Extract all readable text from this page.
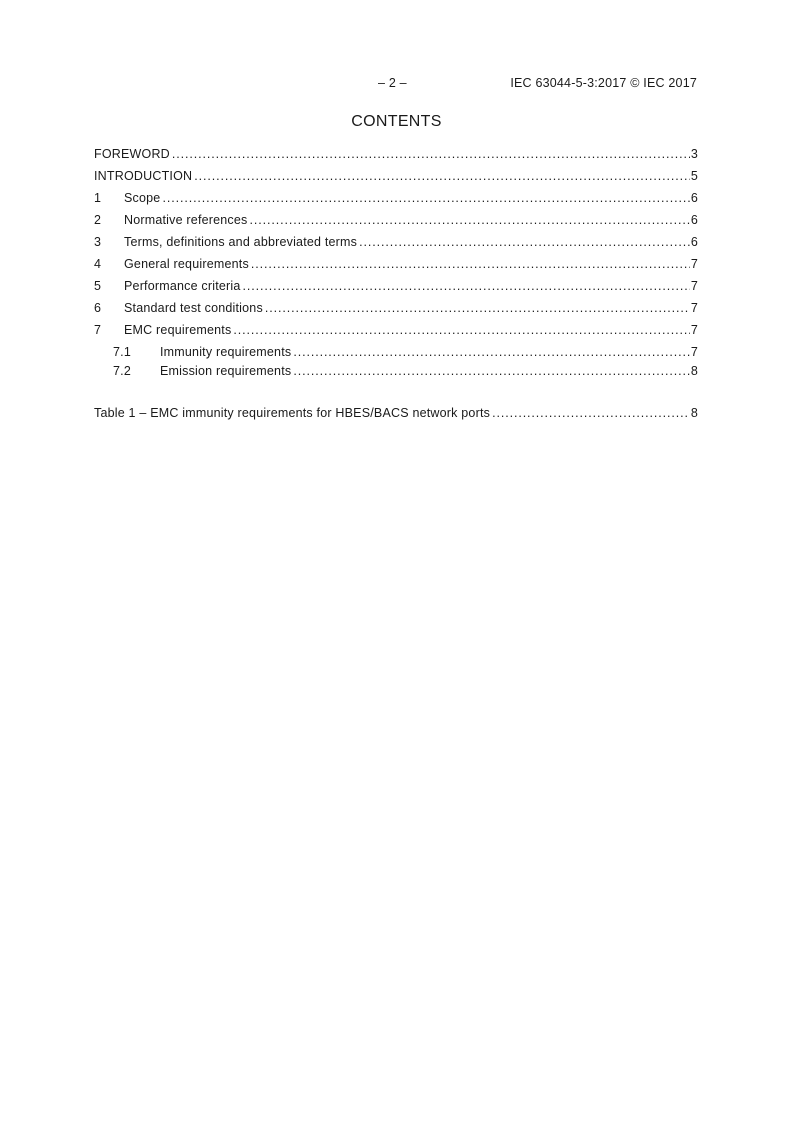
– 2 –	IEC 63044-5-3:2017 © IEC 2017
CONTENTS
FOREWORD .....	3
INTRODUCTION .....	5
1	Scope .....	6
2	Normative references .....	6
3	Terms, definitions and abbreviated terms .....	6
4	General requirements .....	7
5	Performance criteria .....	7
6	Standard test conditions .....	7
7	EMC requirements .....	7
7.1	Immunity requirements .....	7
7.2	Emission requirements .....	8
Table 1 – EMC immunity requirements for HBES/BACS network ports .....	8
